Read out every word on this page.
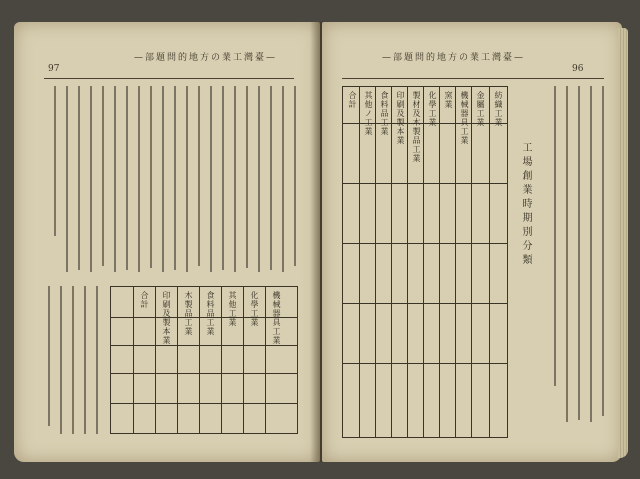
97
—部題問的地方の業工灣臺—
機械器具工業
化學工業
其他工業
食料品工業
木製品工業
印刷及製本業
合計
—部題問的地方の業工灣臺—
96
工場創業時期別分類
紡織工業
金屬工業
機械器具工業
窯業
化學工業
製材及木製品工業
印刷及製本業
食料品工業
其他ノ工業
合計
